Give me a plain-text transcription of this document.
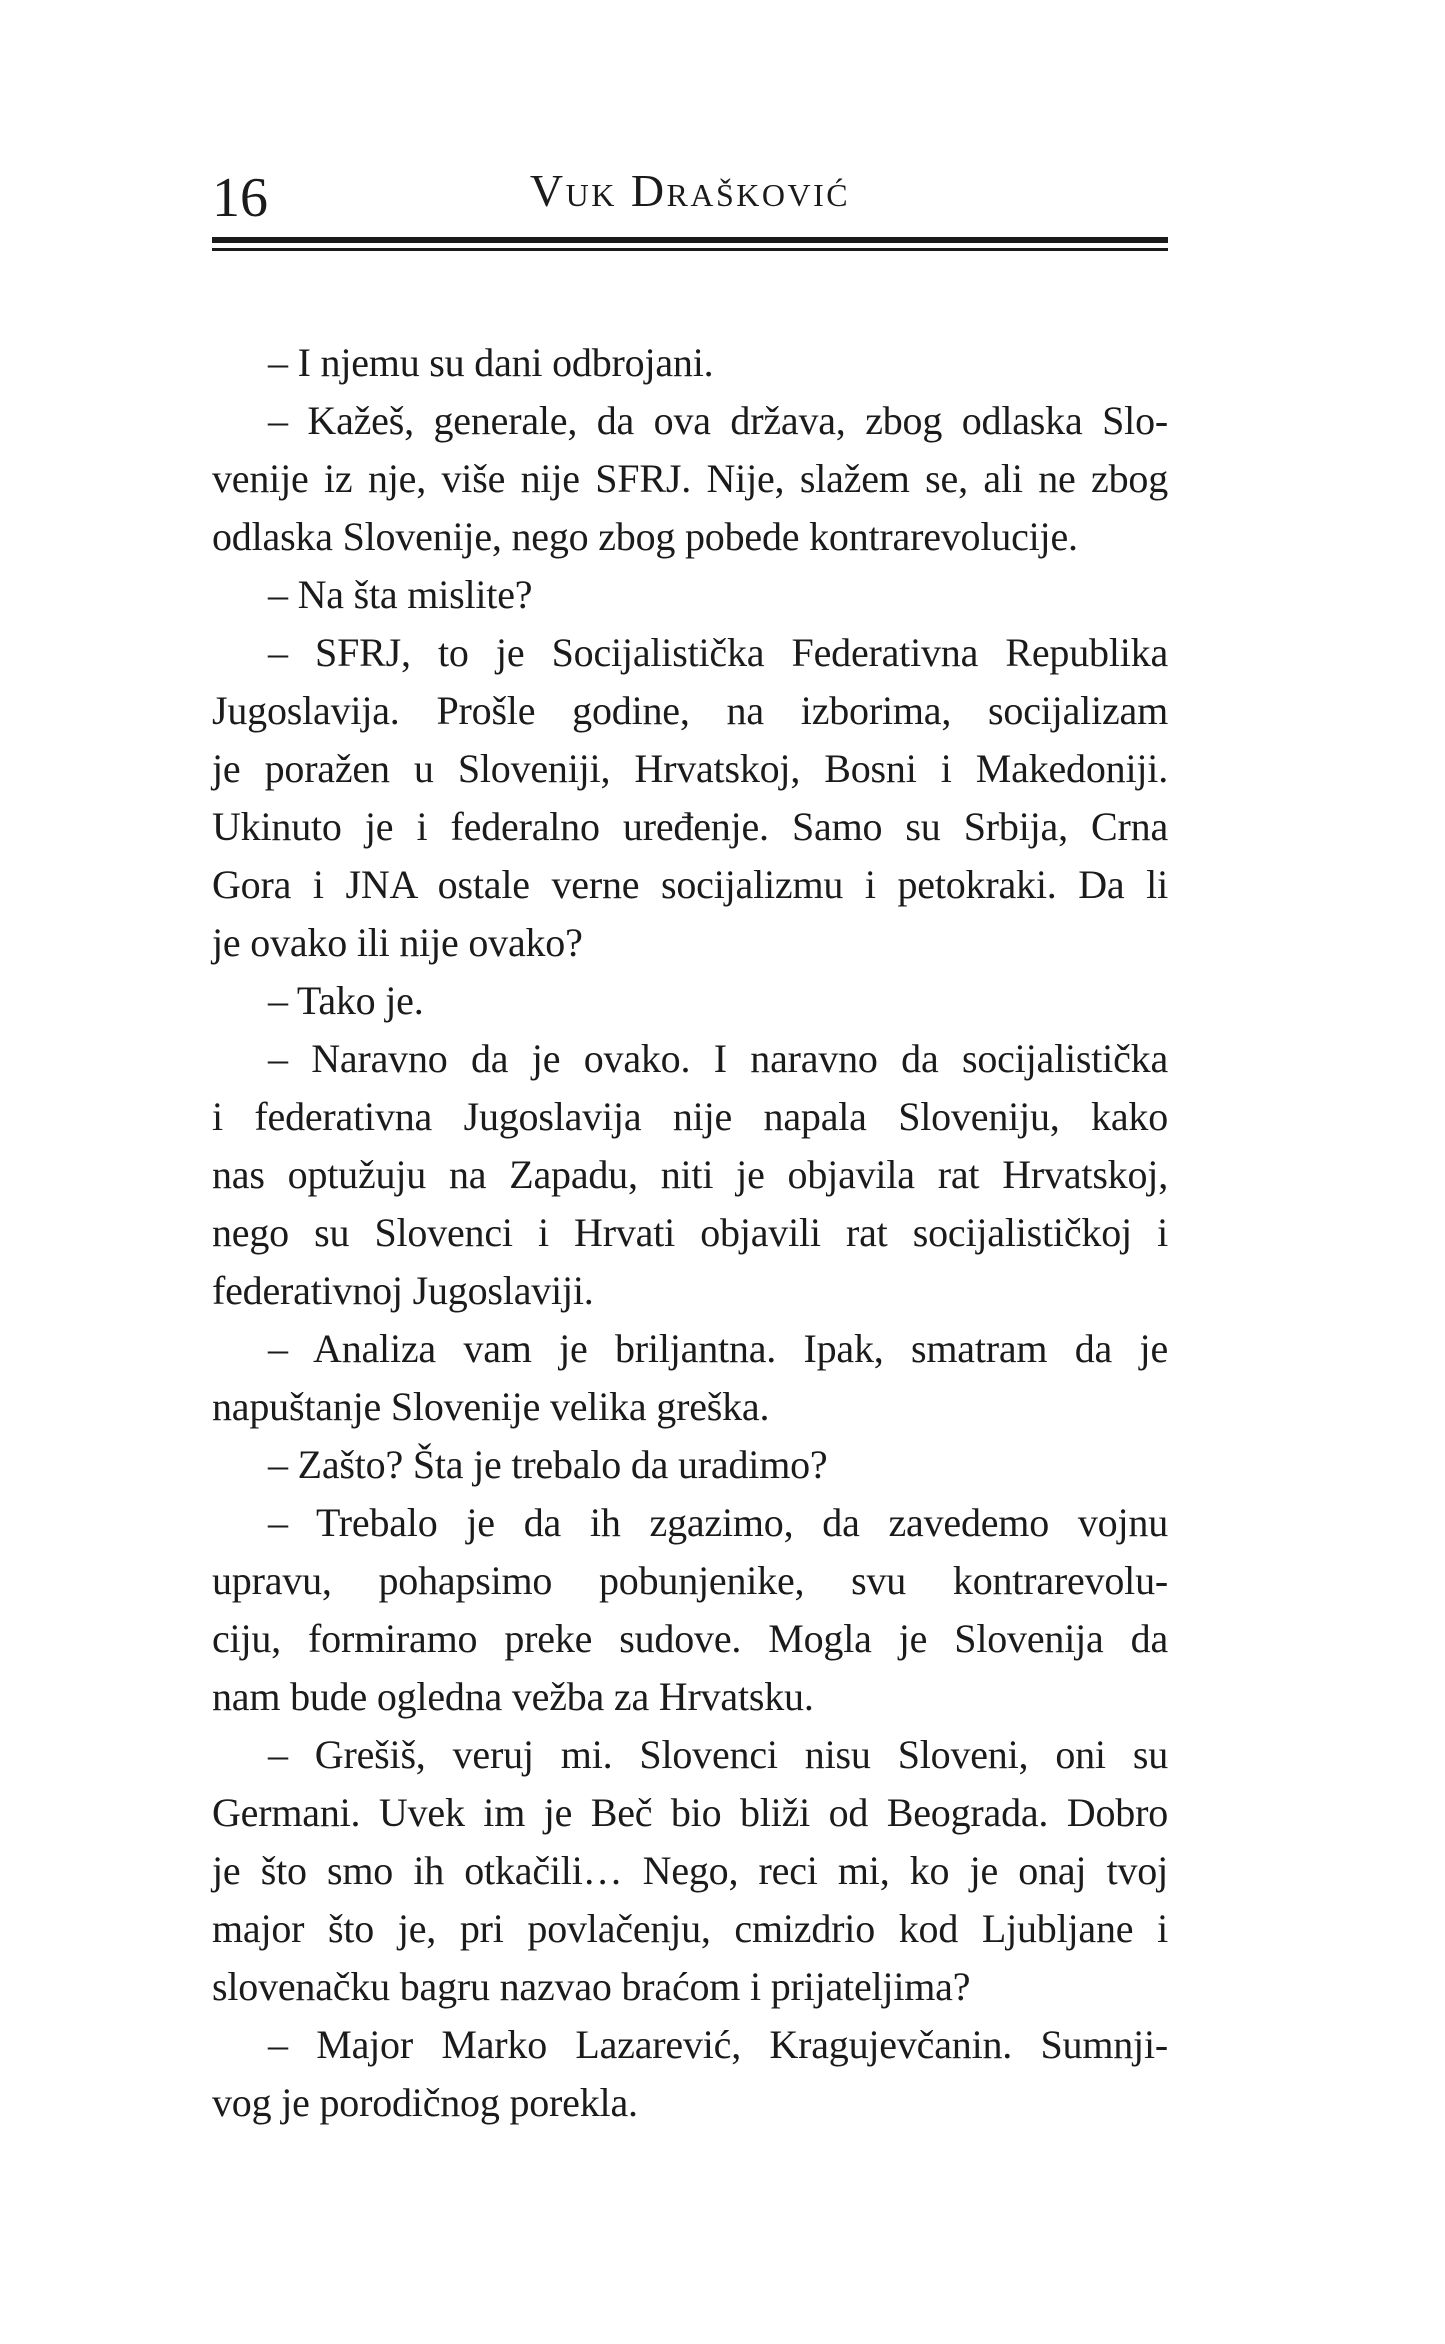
16	Vuk Drašković
– I njemu su dani odbrojani.
– Kažeš, generale, da ova država, zbog odlaska Slo-
venije iz nje, više nije SFRJ. Nije, slažem se, ali ne zbog
odlaska Slovenije, nego zbog pobede kontrarevolucije.
– Na šta mislite?
– SFRJ, to je Socijalistička Federativna Republika
Jugoslavija. Prošle godine, na izborima, socijalizam
je poražen u Sloveniji, Hrvatskoj, Bosni i Makedoniji.
Ukinuto je i federalno uređenje. Samo su Srbija, Crna
Gora i JNA ostale verne socijalizmu i petokraki. Da li
je ovako ili nije ovako?
– Tako je.
– Naravno da je ovako. I naravno da socijalistička
i federativna Jugoslavija nije napala Sloveniju, kako
nas optužuju na Zapadu, niti je objavila rat Hrvatskoj,
nego su Slovenci i Hrvati objavili rat socijalističkoj i
federativnoj Jugoslaviji.
– Analiza vam je briljantna. Ipak, smatram da je
napuštanje Slovenije velika greška.
– Zašto? Šta je trebalo da uradimo?
– Trebalo je da ih zgazimo, da zavedemo vojnu
upravu, pohapsimo pobunjenike, svu kontrarevolu-
ciju, formiramo preke sudove. Mogla je Slovenija da
nam bude ogledna vežba za Hrvatsku.
– Grešiš, veruj mi. Slovenci nisu Sloveni, oni su
Germani. Uvek im je Beč bio bliži od Beograda. Dobro
je što smo ih otkačili… Nego, reci mi, ko je onaj tvoj
major što je, pri povlačenju, cmizdrio kod Ljubljane i
slovenačku bagru nazvao braćom i prijateljima?
– Major Marko Lazarević, Kragujevčanin. Sumnji-
vog je porodičnog porekla.
